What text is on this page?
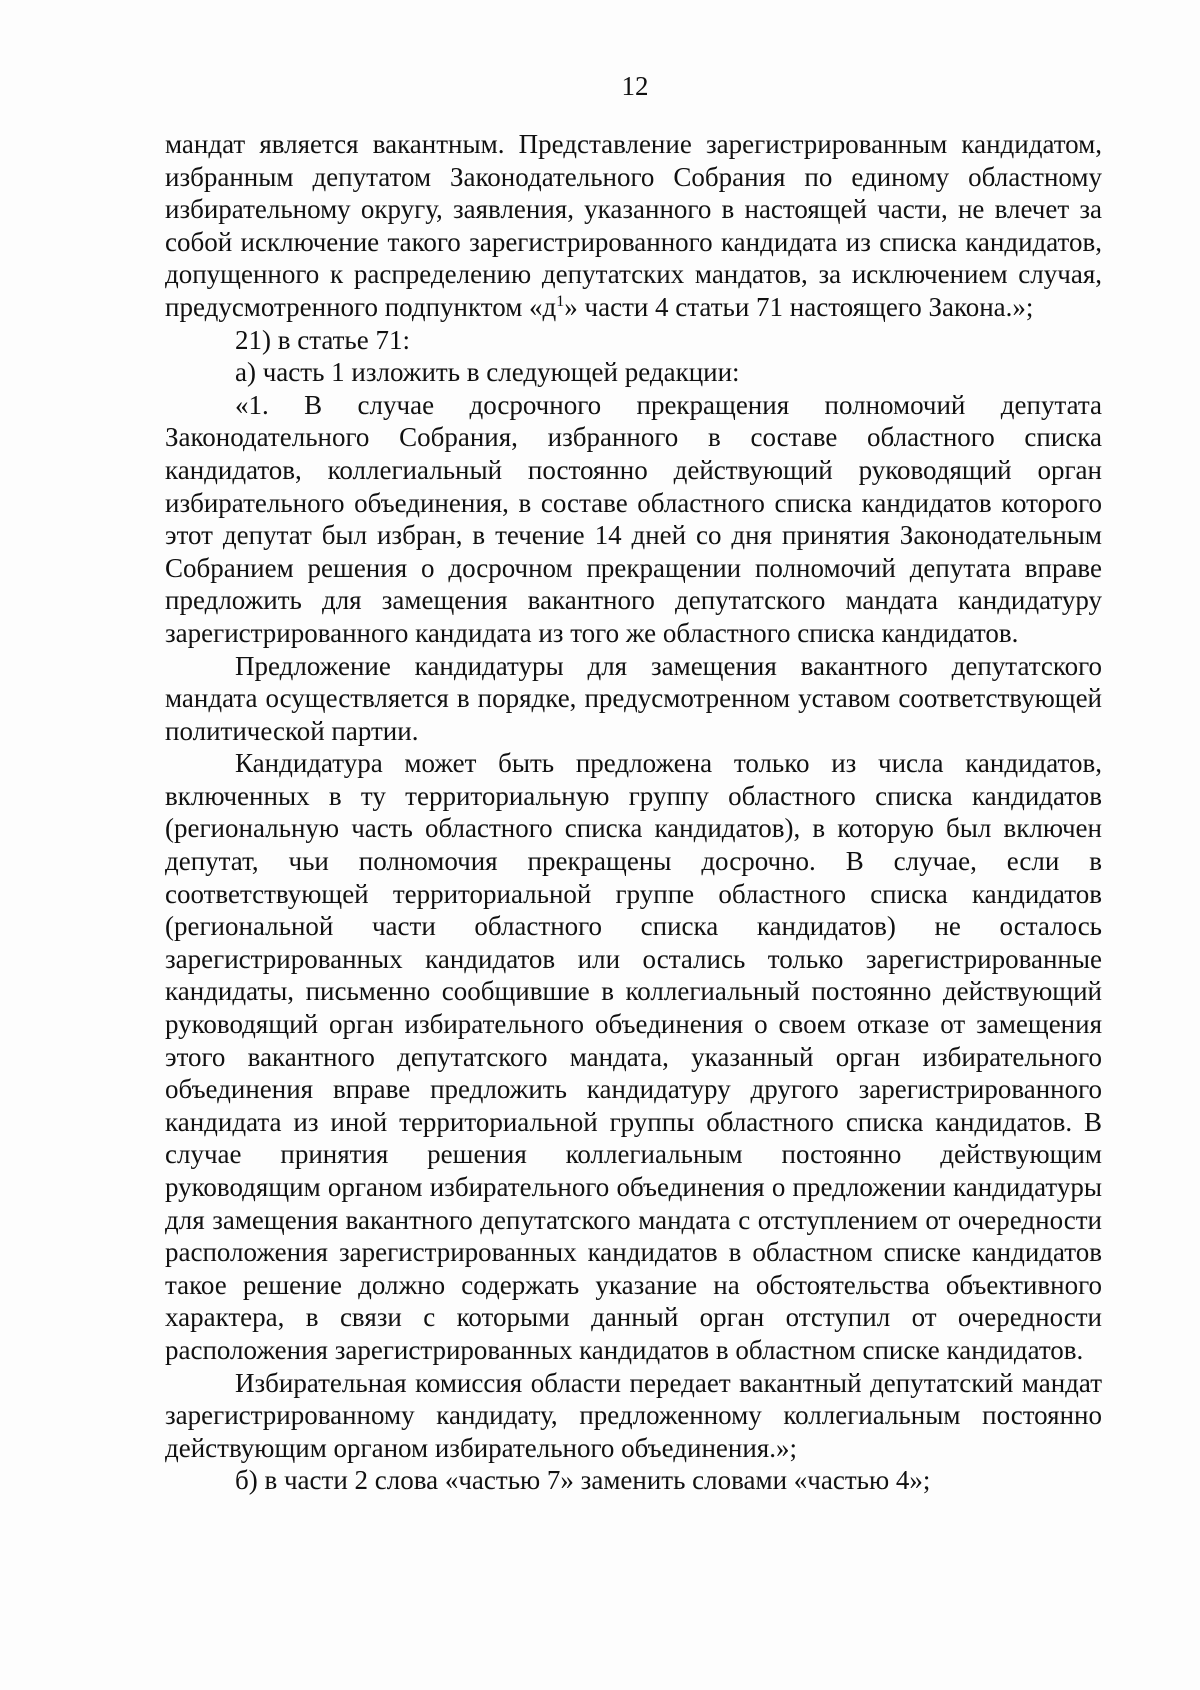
12

мандат является вакантным. Представление зарегистрированным кандидатом, избранным депутатом Законодательного Собрания по единому областному избирательному округу, заявления, указанного в настоящей части, не влечет за собой исключение такого зарегистрированного кандидата из списка кандидатов, допущенного к распределению депутатских мандатов, за исключением случая, предусмотренного подпунктом «$д^1$» части 4 статьи 71 настоящего Закона.»;

21) в статье 71:

а) часть 1 изложить в следующей редакции:

«1. В случае досрочного прекращения полномочий депутата Законодательного Собрания, избранного в составе областного списка кандидатов, коллегиальный постоянно действующий руководящий орган избирательного объединения, в составе областного списка кандидатов которого этот депутат был избран, в течение 14 дней со дня принятия Законодательным Собранием решения о досрочном прекращении полномочий депутата вправе предложить для замещения вакантного депутатского мандата кандидатуру зарегистрированного кандидата из того же областного списка кандидатов.

Предложение кандидатуры для замещения вакантного депутатского мандата осуществляется в порядке, предусмотренном уставом соответствующей политической партии.

Кандидатура может быть предложена только из числа кандидатов, включенных в ту территориальную группу областного списка кандидатов (региональную часть областного списка кандидатов), в которую был включен депутат, чьи полномочия прекращены досрочно. В случае, если в соответствующей территориальной группе областного списка кандидатов (региональной части областного списка кандидатов) не осталось зарегистрированных кандидатов или остались только зарегистрированные кандидаты, письменно сообщившие в коллегиальный постоянно действующий руководящий орган избирательного объединения о своем отказе от замещения этого вакантного депутатского мандата, указанный орган избирательного объединения вправе предложить кандидатуру другого зарегистрированного кандидата из иной территориальной группы областного списка кандидатов. В случае принятия решения коллегиальным постоянно действующим руководящим органом избирательного объединения о предложении кандидатуры для замещения вакантного депутатского мандата с отступлением от очередности расположения зарегистрированных кандидатов в областном списке кандидатов такое решение должно содержать указание на обстоятельства объективного характера, в связи с которыми данный орган отступил от очередности расположения зарегистрированных кандидатов в областном списке кандидатов.

Избирательная комиссия области передает вакантный депутатский мандат зарегистрированному кандидату, предложенному коллегиальным постоянно действующим органом избирательного объединения.»;

б) в части 2 слова «частью 7» заменить словами «частью 4»;
